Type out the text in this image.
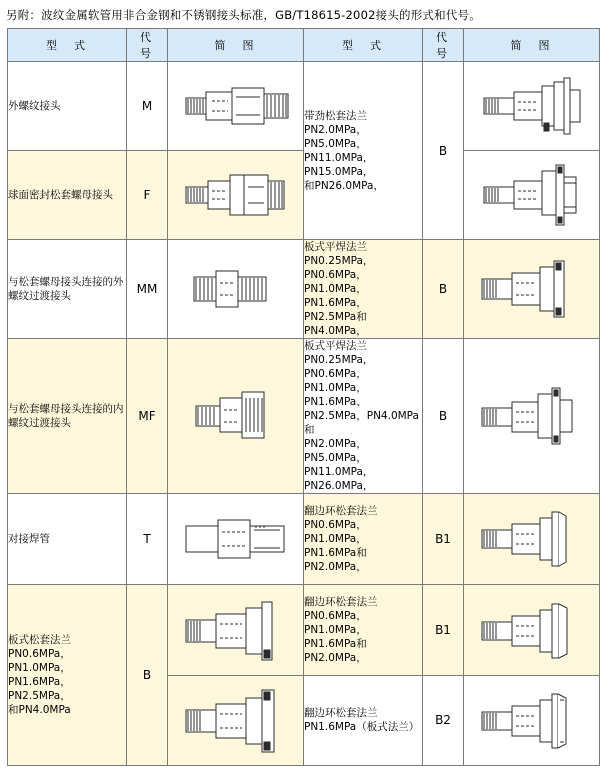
另附：波纹金属软管用非合金钢和不锈钢接头标准，GB/T18615-2002接头的形式和代号。
型　式	代　号	简　图	型　式	代　号	简　图
外螺纹接头	M		带劲松套法兰
PN2.0MPa，PN5.0MPa，
PN11.0MPa，PN15.0MPa，
和PN26.0MPa，	B	

球面密封松套螺母接头	F	

与松套螺母接头连接的外螺纹过渡接头	MM		板式平焊法兰
PN0.25MPa，PN0.6MPa，
PN1.0MPa，PN1.6MPa，
PN2.5MPa和PN4.0MPa，	B	

与松套螺母接头连接的内螺纹过渡接头	MF	
	板式平焊法兰
PN0.25MPa，PN0.6MPa，
PN1.0MPa，PN1.6MPa、
PN2.5MPa，PN4.0MPa和
PN2.0MPa，PN5.0MPa，
PN11.0MPa，PN26.0MPa，	B	

对接焊管	T		翻边环松套法兰
PN0.6MPa，PN1.0MPa，
PN1.6MPa和PN2.0MPa，	B1	

板式松套法兰
PN0.6MPa，PN1.0MPa，
PN1.6MPa，PN2.5MPa，
和PN4.0MPa	B		翻边环松套法兰
PN0.6MPa，PN1.0MPa，
PN1.6MPa和PN2.0MPa，	B1	

	翻边环松套法兰
PN1.6MPa（板式法兰）	B2	
